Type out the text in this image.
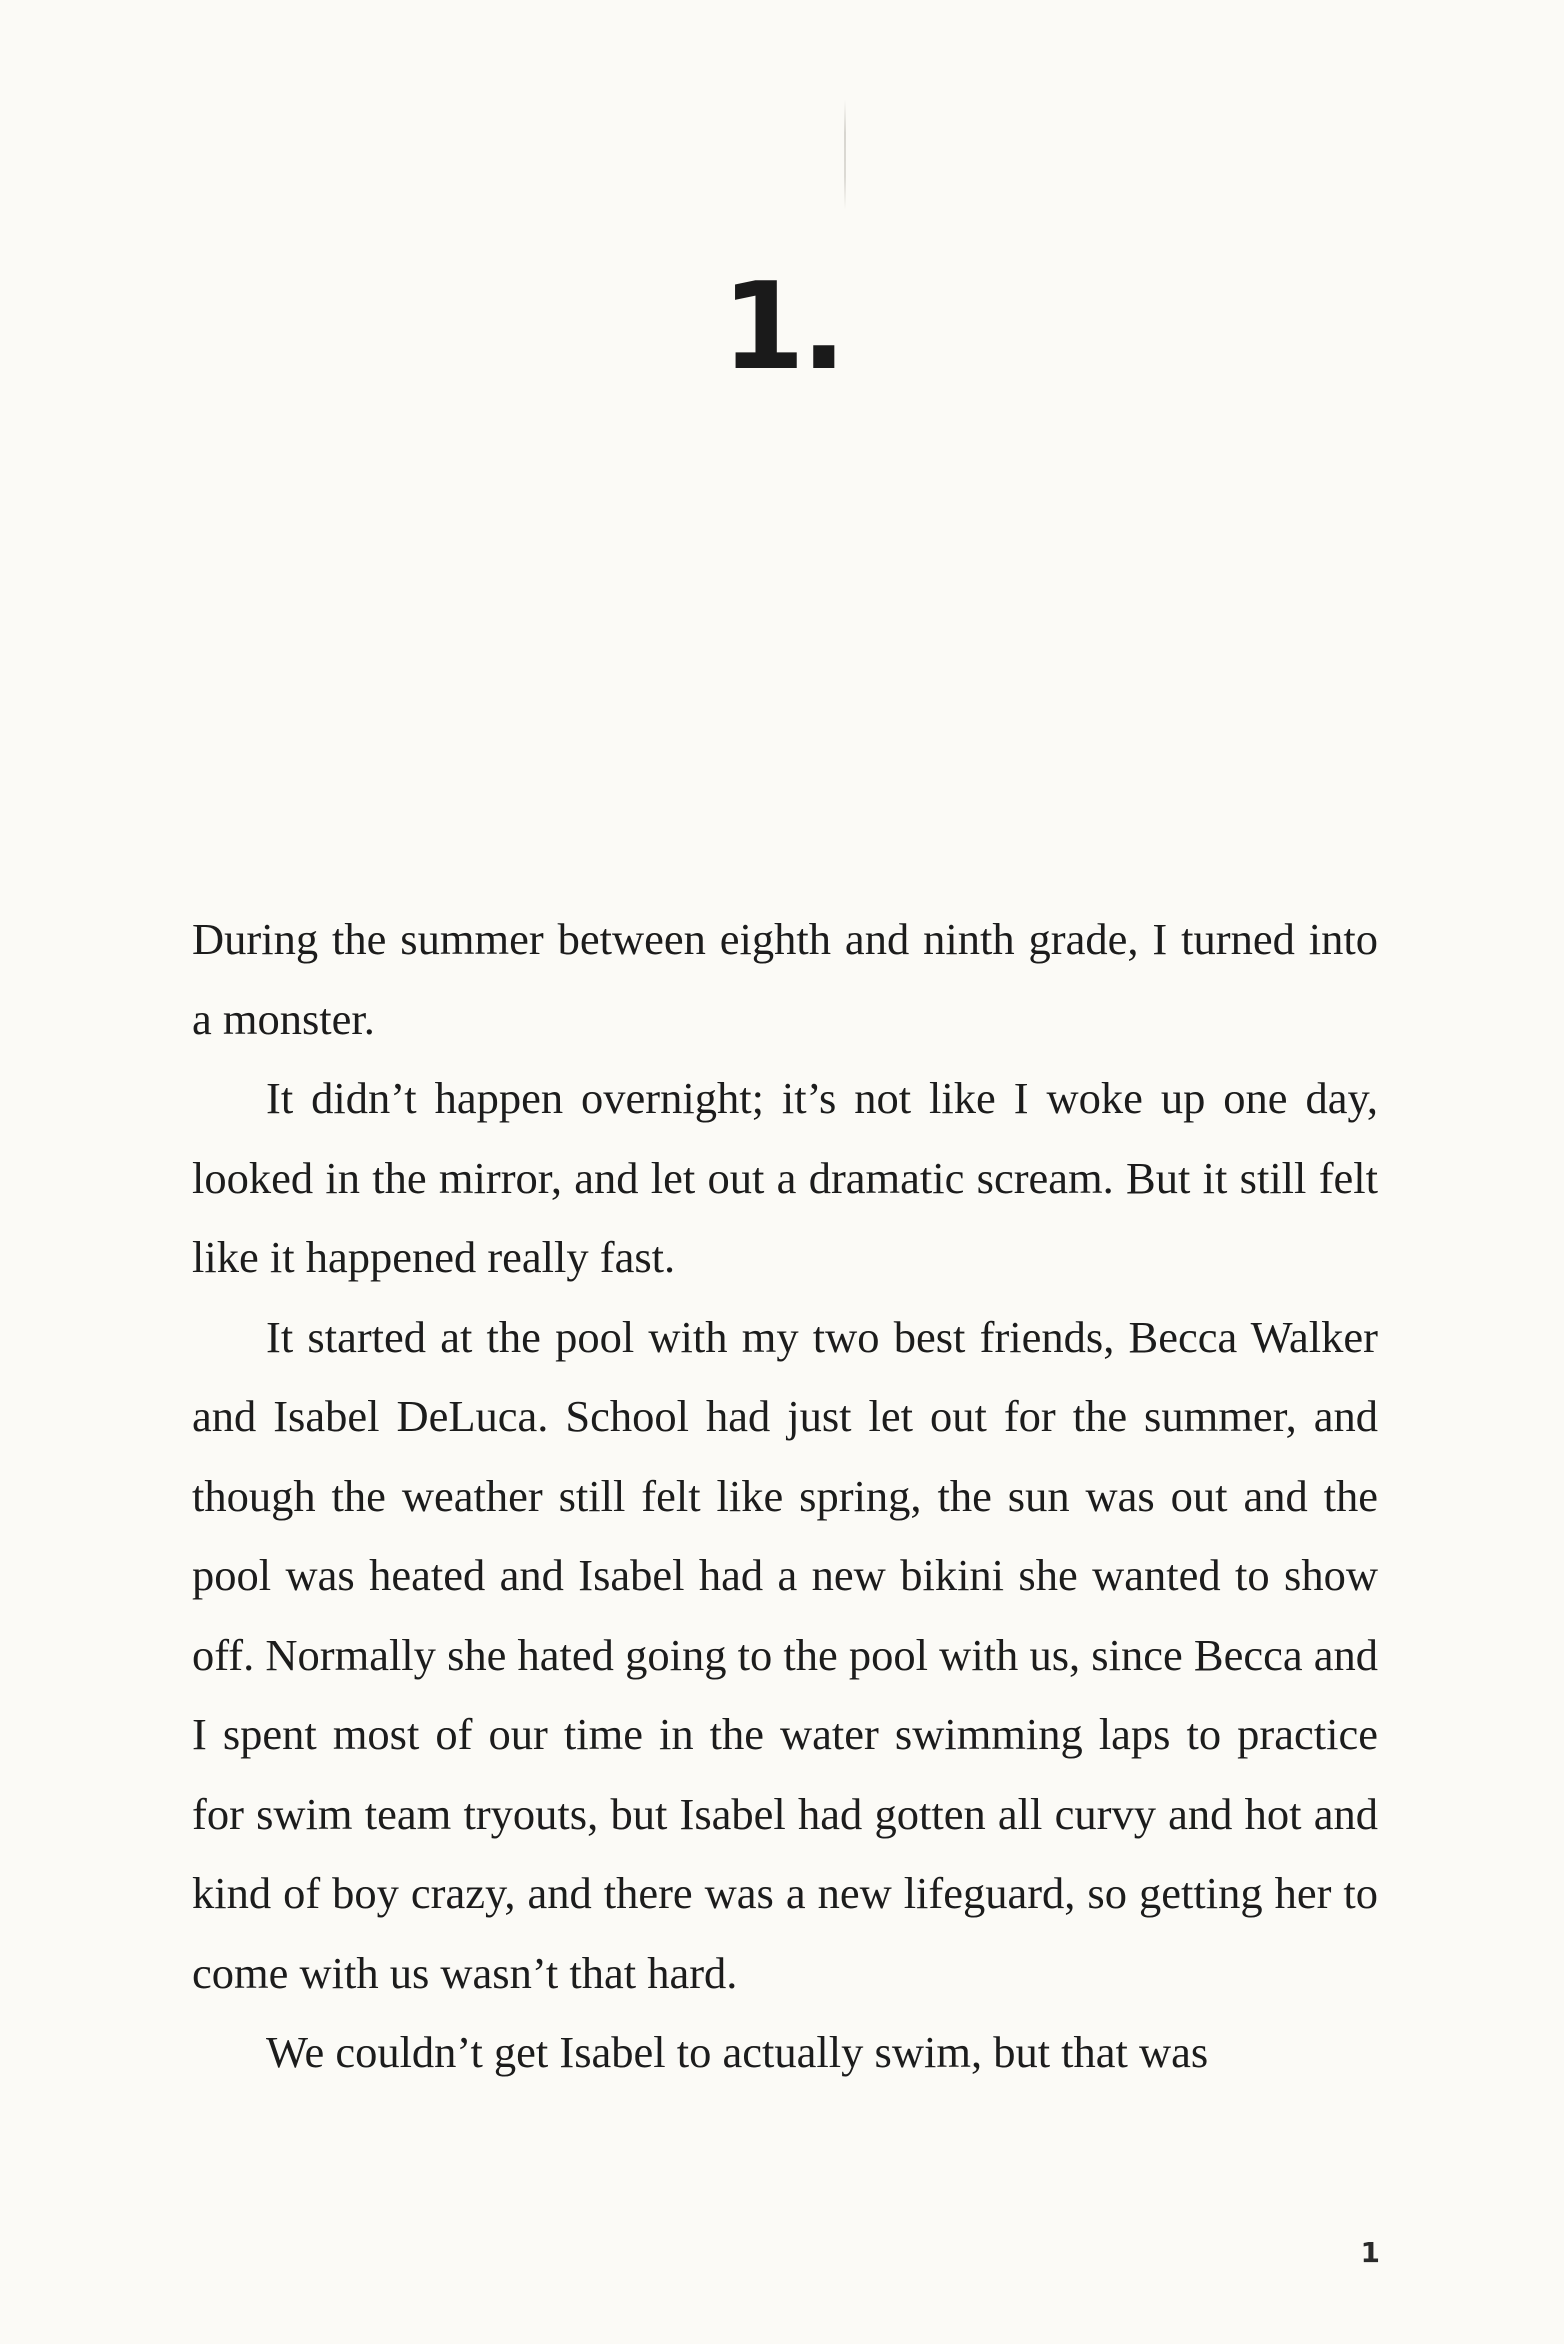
1.

During the summer between eighth and ninth grade, I turned into a monster.

It didn’t happen overnight; it’s not like I woke up one day, looked in the mirror, and let out a dramatic scream. But it still felt like it happened really fast.

It started at the pool with my two best friends, Becca Walker and Isabel DeLuca. School had just let out for the summer, and though the weather still felt like spring, the sun was out and the pool was heated and Isabel had a new bikini she wanted to show off. Normally she hated going to the pool with us, since Becca and I spent most of our time in the water swimming laps to practice for swim team tryouts, but Isabel had gotten all curvy and hot and kind of boy crazy, and there was a new lifeguard, so getting her to come with us wasn’t that hard.

We couldn’t get Isabel to actually swim, but that was

1
